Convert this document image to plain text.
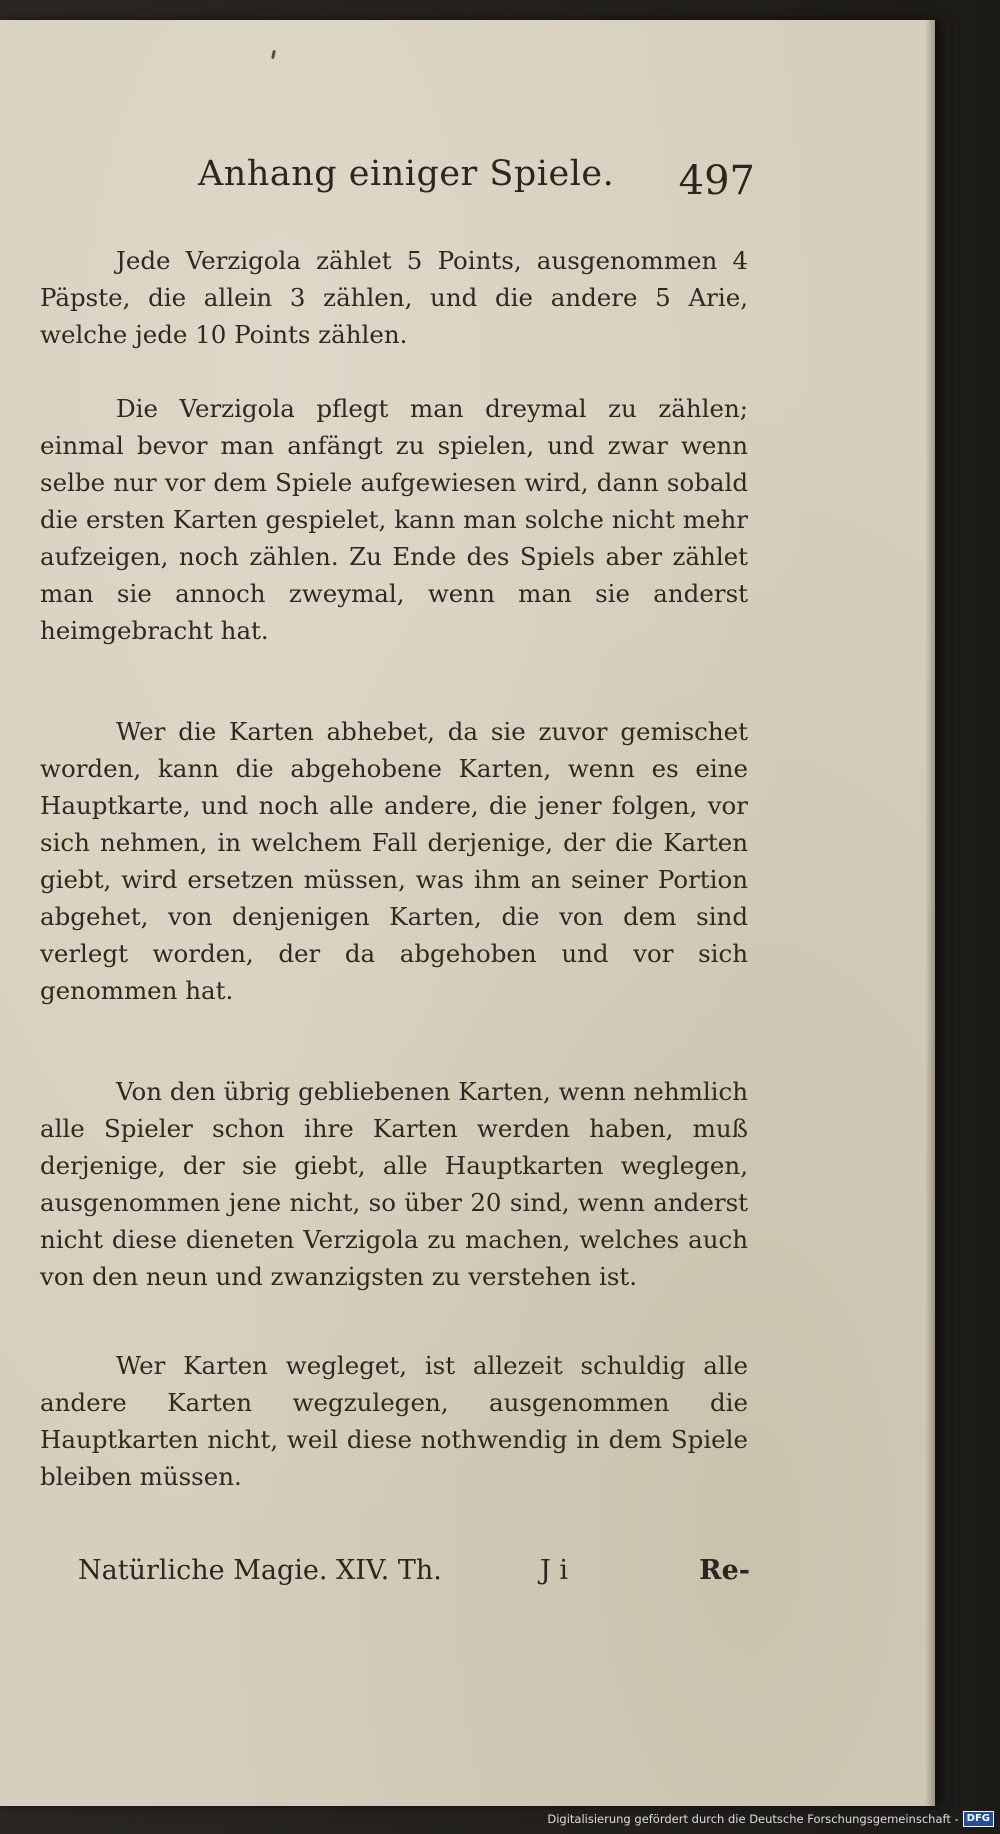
Anhang einiger Spiele. 497

Jede Verzigola zählet 5 Points, ausgenommen 4 Päpste, die allein 3 zählen, und die andere 5 Arie, welche jede 10 Points zählen.

Die Verzigola pflegt man dreymal zu zählen; einmal bevor man anfängt zu spielen, und zwar wenn selbe nur vor dem Spiele aufgewiesen wird, dann sobald die ersten Karten gespielet, kann man solche nicht mehr aufzeigen, noch zählen. Zu Ende des Spiels aber zählet man sie annoch zweymal, wenn man sie anderst heimgebracht hat.

Wer die Karten abhebet, da sie zuvor gemischet worden, kann die abgehobene Karten, wenn es eine Hauptkarte, und noch alle andere, die jener folgen, vor sich nehmen, in welchem Fall derjenige, der die Karten giebt, wird ersetzen müssen, was ihm an seiner Portion abgehet, von denjenigen Karten, die von dem sind verlegt worden, der da abgehoben und vor sich genommen hat.

Von den übrig gebliebenen Karten, wenn nehmlich alle Spieler schon ihre Karten werden haben, muß derjenige, der sie giebt, alle Hauptkarten weglegen, ausgenommen jene nicht, so über 20 sind, wenn anderst nicht diese dieneten Verzigola zu machen, welches auch von den neun und zwanzigsten zu verstehen ist.

Wer Karten wegleget, ist allezeit schuldig alle andere Karten wegzulegen, ausgenommen die Hauptkarten nicht, weil diese nothwendig in dem Spiele bleiben müssen.

Natürliche Magie. XIV. Th.	J i	Re-
Digitalisierung gefördert durch die Deutsche Forschungsgemeinschaft - DFG
